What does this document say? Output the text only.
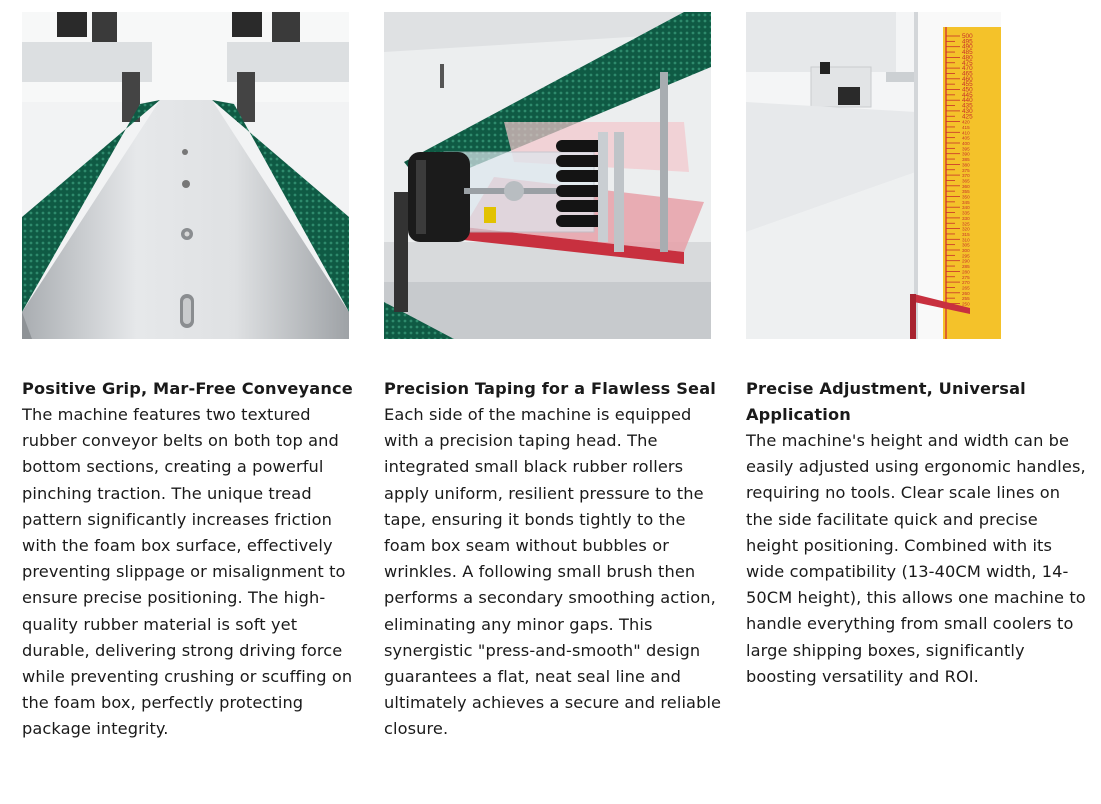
Positive Grip, Mar-Free Conveyance

The machine features two textured rubber conveyor belts on both top and bottom sections, creating a powerful pinching traction. The unique tread pattern significantly increases friction with the foam box surface, effectively preventing slippage or misalignment to ensure precise positioning. The high-quality rubber material is soft yet durable, delivering strong driving force while preventing crushing or scuffing on the foam box, perfectly protecting package integrity.

Precision Taping for a Flawless Seal

Each side of the machine is equipped with a precision taping head. The integrated small black rubber rollers apply uniform, resilient pressure to the tape, ensuring it bonds tightly to the foam box seam without bubbles or wrinkles. A following small brush then performs a secondary smoothing action, eliminating any minor gaps. This synergistic "press-and-smooth" design guarantees a flat, neat seal line and ultimately achieves a secure and reliable closure.

500
495
490
485
480
475
470
465
460
455
450
445
440
435
430
425
420
415
410
405
400
395
390
385
380
375
370
365
360
355
350
345
340
335
330
325
320
315
310
305
300
295
290
285
280
275
270
265
260
255
250

Precise Adjustment, Universal Application

The machine's height and width can be easily adjusted using ergonomic handles, requiring no tools. Clear scale lines on the side facilitate quick and precise height positioning. Combined with its wide compatibility (13-40CM width, 14-50CM height), this allows one machine to handle everything from small coolers to large shipping boxes, significantly boosting versatility and ROI.
